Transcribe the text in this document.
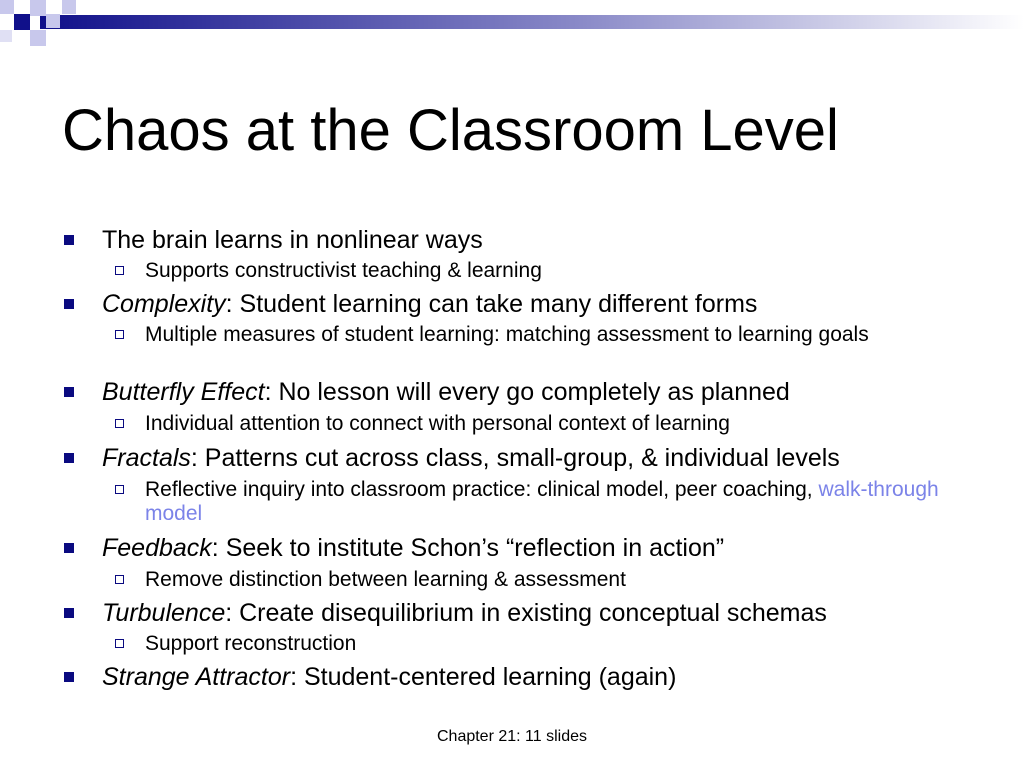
Chaos at the Classroom Level
The brain learns in nonlinear ways
Supports constructivist teaching & learning
Complexity: Student learning can take many different forms
Multiple measures of student learning: matching assessment to learning goals
Butterfly Effect: No lesson will every go completely as planned
Individual attention to connect with personal context of learning
Fractals: Patterns cut across class, small-group, & individual levels
Reflective inquiry into classroom practice: clinical model, peer coaching, walk-through model
Feedback: Seek to institute Schon’s “reflection in action”
Remove distinction between learning & assessment
Turbulence: Create disequilibrium in existing conceptual schemas
Support reconstruction
Strange Attractor: Student-centered learning (again)
Chapter 21: 11 slides
